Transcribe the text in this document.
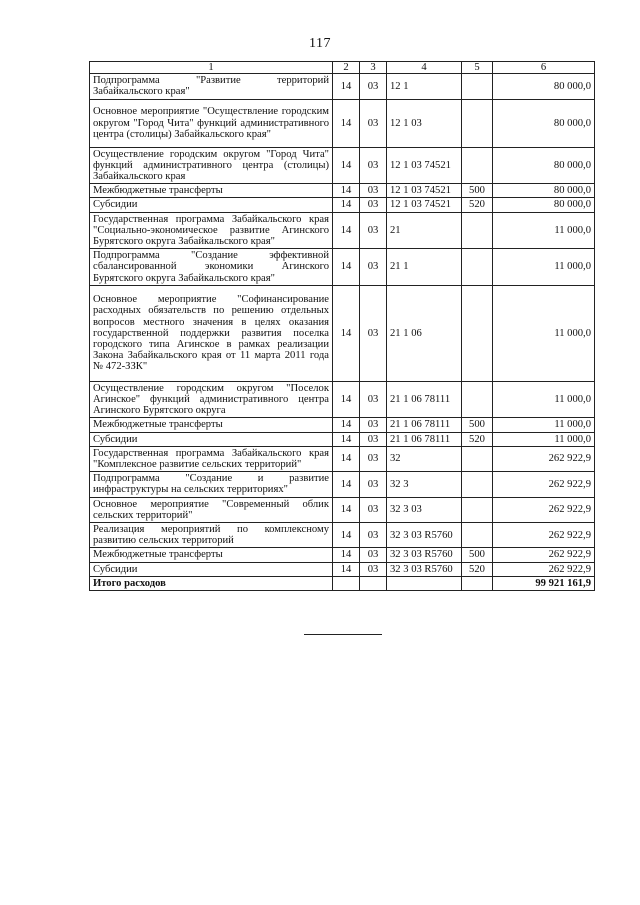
117
1	2	3	4	5	6
Подпрограмма "Развитие территорий Забайкальского края"	14	03	12 1		80 000,0
Основное мероприятие "Осуществление городским округом "Город Чита" функций административного центра (столицы) Забайкальского края"	14	03	12 1 03		80 000,0
Осуществление городским округом "Город Чита" функций административного центра (столицы) Забайкальского края	14	03	12 1 03 74521		80 000,0
Межбюджетные трансферты	14	03	12 1 03 74521	500	80 000,0
Субсидии	14	03	12 1 03 74521	520	80 000,0
Государственная программа Забайкальского края "Социально-экономическое развитие Агинского Бурятского округа Забайкальского края"	14	03	21		11 000,0
Подпрограмма "Создание эффективной сбалансированной экономики Агинского Бурятского округа Забайкальского края"	14	03	21 1		11 000,0
Основное мероприятие "Софинансирование расходных обязательств по решению отдельных вопросов местного значения в целях оказания государственной поддержки развития поселка городского типа Агинское в рамках реализации Закона Забайкальского края от 11 марта 2011 года № 472-ЗЗК"	14	03	21 1 06		11 000,0
Осуществление городским округом "Поселок Агинское" функций административного центра Агинского Бурятского округа	14	03	21 1 06 78111		11 000,0
Межбюджетные трансферты	14	03	21 1 06 78111	500	11 000,0
Субсидии	14	03	21 1 06 78111	520	11 000,0
Государственная программа Забайкальского края "Комплексное развитие сельских территорий"	14	03	32		262 922,9
Подпрограмма "Создание и развитие инфраструктуры на сельских территориях"	14	03	32 3		262 922,9
Основное мероприятие "Современный облик сельских территорий"	14	03	32 3 03		262 922,9
Реализация мероприятий по комплексному развитию сельских территорий	14	03	32 3 03 R5760		262 922,9
Межбюджетные трансферты	14	03	32 3 03 R5760	500	262 922,9
Субсидии	14	03	32 3 03 R5760	520	262 922,9
Итого расходов					99 921 161,9
